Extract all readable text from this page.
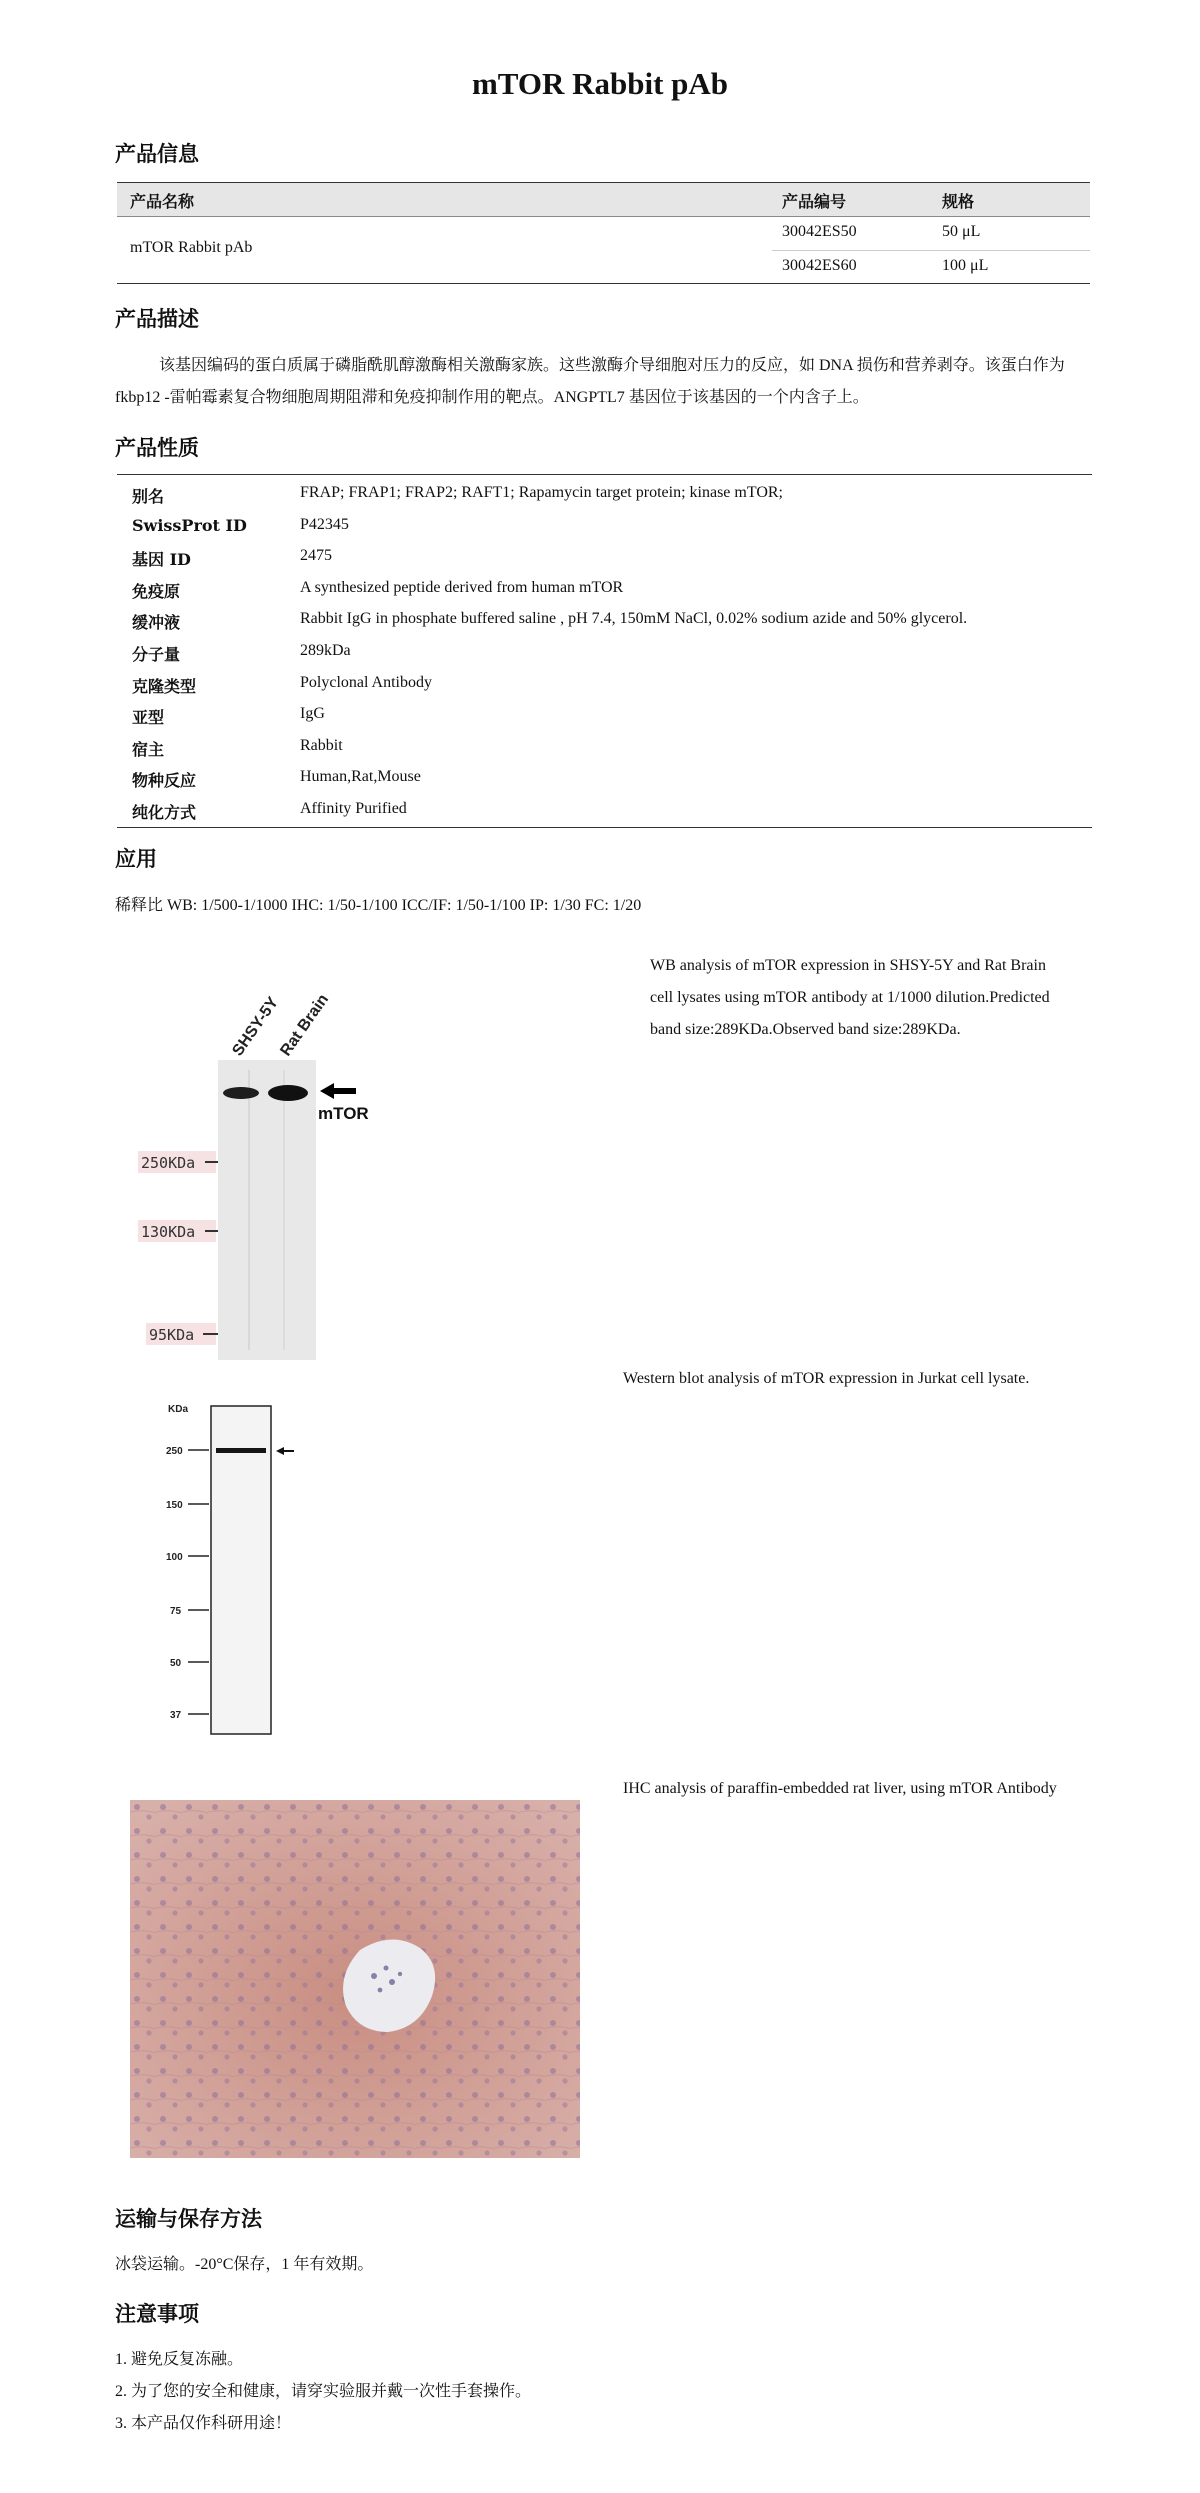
mTOR Rabbit pAb
产品信息
产品名称	产品编号	规格
mTOR Rabbit pAb
30042ES50	50 μL
30042ES60	100 μL
产品描述
该基因编码的蛋白质属于磷脂酰肌醇激酶相关激酶家族。这些激酶介导细胞对压力的反应，如 DNA 损伤和营养剥夺。该蛋白作为 fkbp12 -雷帕霉素复合物细胞周期阻滞和免疫抑制作用的靶点。ANGPTL7 基因位于该基因的一个内含子上。
产品性质
别名	FRAP; FRAP1; FRAP2; RAFT1; Rapamycin target protein; kinase mTOR;
SwissProt ID	P42345
基因 ID	2475
免疫原	A synthesized peptide derived from human mTOR
缓冲液	Rabbit IgG in phosphate buffered saline , pH 7.4, 150mM NaCl, 0.02% sodium azide and 50% glycerol.
分子量	289kDa
克隆类型	Polyclonal Antibody
亚型	IgG
宿主	Rabbit
物种反应	Human,Rat,Mouse
纯化方式	Affinity Purified
应用
稀释比 WB: 1/500-1/1000 IHC: 1/50-1/100 ICC/IF: 1/50-1/100 IP: 1/30 FC: 1/20
SHSY-5Y
Rat Brain
mTOR
250KDa
130KDa
95KDa
WB analysis of mTOR expression in SHSY-5Y and Rat Brain cell lysates using mTOR antibody at 1/1000 dilution.Predicted band size:289KDa.Observed band size:289KDa.
KDa
250
150
100
75
50
37
Western blot analysis of mTOR expression in Jurkat cell lysate.
IHC analysis of paraffin-embedded rat liver, using mTOR Antibody
运输与保存方法
冰袋运输。-20°C保存，1 年有效期。
注意事项
1. 避免反复冻融。
2. 为了您的安全和健康，请穿实验服并戴一次性手套操作。
3. 本产品仅作科研用途！
